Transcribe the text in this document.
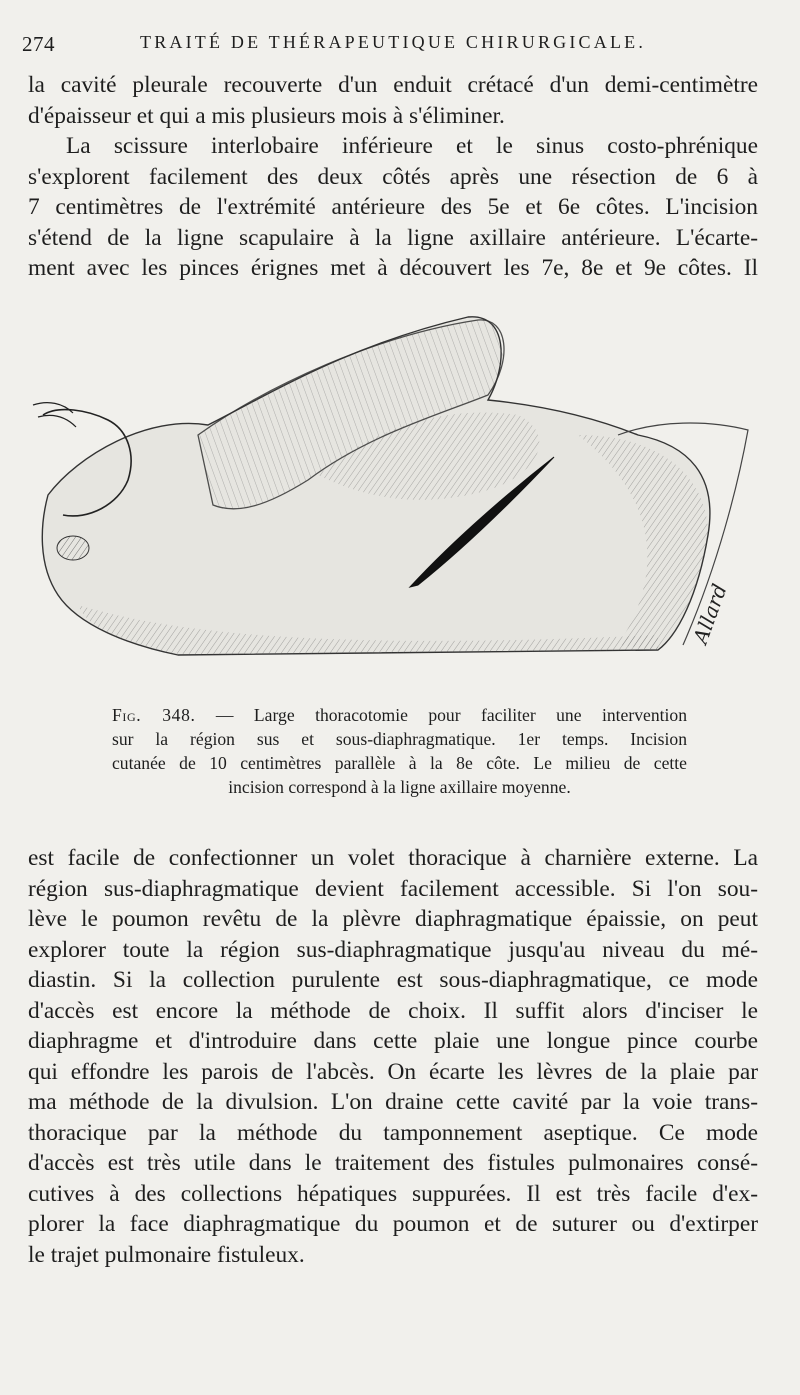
274	TRAITÉ DE THÉRAPEUTIQUE CHIRURGICALE.
la cavité pleurale recouverte d'un enduit crétacé d'un demi-centimètre
d'épaisseur et qui a mis plusieurs mois à s'éliminer.
La scissure interlobaire inférieure et le sinus costo-phrénique
s'explorent facilement des deux côtés après une résection de 6 à
7 centimètres de l'extrémité antérieure des 5e et 6e côtes. L'incision
s'étend de la ligne scapulaire à la ligne axillaire antérieure. L'écarte-
ment avec les pinces érignes met à découvert les 7e, 8e et 9e côtes. Il
Allard
Fig. 348. — Large thoracotomie pour faciliter une intervention
sur la région sus et sous-diaphragmatique. 1er temps. Incision
cutanée de 10 centimètres parallèle à la 8e côte. Le milieu de cette
incision correspond à la ligne axillaire moyenne.
est facile de confectionner un volet thoracique à charnière externe. La
région sus-diaphragmatique devient facilement accessible. Si l'on sou-
lève le poumon revêtu de la plèvre diaphragmatique épaissie, on peut
explorer toute la région sus-diaphragmatique jusqu'au niveau du mé-
diastin. Si la collection purulente est sous-diaphragmatique, ce mode
d'accès est encore la méthode de choix. Il suffit alors d'inciser le
diaphragme et d'introduire dans cette plaie une longue pince courbe
qui effondre les parois de l'abcès. On écarte les lèvres de la plaie par
ma méthode de la divulsion. L'on draine cette cavité par la voie trans-
thoracique par la méthode du tamponnement aseptique. Ce mode
d'accès est très utile dans le traitement des fistules pulmonaires consé-
cutives à des collections hépatiques suppurées. Il est très facile d'ex-
plorer la face diaphragmatique du poumon et de suturer ou d'extirper
le trajet pulmonaire fistuleux.
